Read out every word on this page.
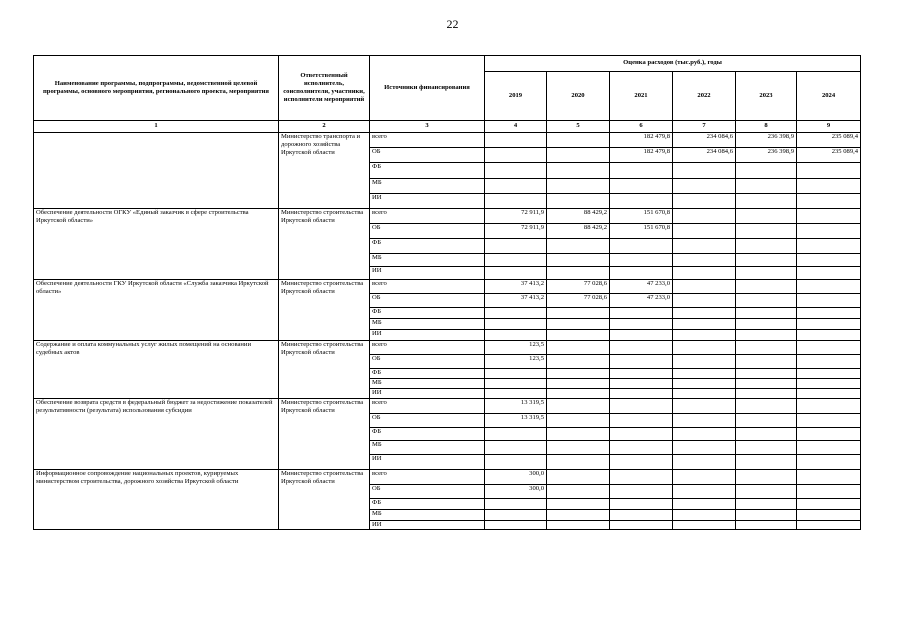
22
Наименование программы, подпрограммы, ведомственной целевой программы, основного мероприятия, регионального проекта, мероприятия	Ответственный исполнитель, соисполнители, участники, исполнители мероприятий	Источники финансирования	Оценка расходов (тыс.руб.), годы					
			2019	2020	2021	2022	2023	2024
1	2	3	4	5	6	7	8	9
	Министерство транспорта и дорожного хозяйства Иркутской области	всего			182 479,8	234 084,6	236 398,9	235 089,4
		ОБ			182 479,8	234 084,6	236 398,9	235 089,4
		ФБ						
		МБ						
		ИИ						
Обеспечение деятельности ОГКУ «Единый заказчик в сфере строительства Иркутской области»	Министерство строительства Иркутской области	всего	72 911,9	88 429,2	151 670,8			
		ОБ	72 911,9	88 429,2	151 670,8			
		ФБ						
		МБ						
		ИИ						
Обеспечение деятельности ГКУ Иркутской области «Служба заказчика Иркутской области»	Министерство строительства Иркутской области	всего	37 413,2	77 028,6	47 233,0			
		ОБ	37 413,2	77 028,6	47 233,0			
		ФБ						
		МБ						
		ИИ						
Содержание и оплата коммунальных услуг жилых помещений на основании судебных актов	Министерство строительства Иркутской области	всего	123,5					
		ОБ	123,5					
		ФБ						
		МБ						
		ИИ						
Обеспечение возврата средств в федеральный бюджет за недостижение показателей результативности (результата) использования субсидии	Министерство строительства Иркутской области	всего	13 319,5					
		ОБ	13 319,5					
		ФБ						
		МБ						
		ИИ						
Информационное сопровождение национальных проектов, курируемых министерством строительства, дорожного хозяйства Иркутской области	Министерство строительства Иркутской области	всего	300,0					
		ОБ	300,0					
		ФБ						
		МБ						
		ИИ						
